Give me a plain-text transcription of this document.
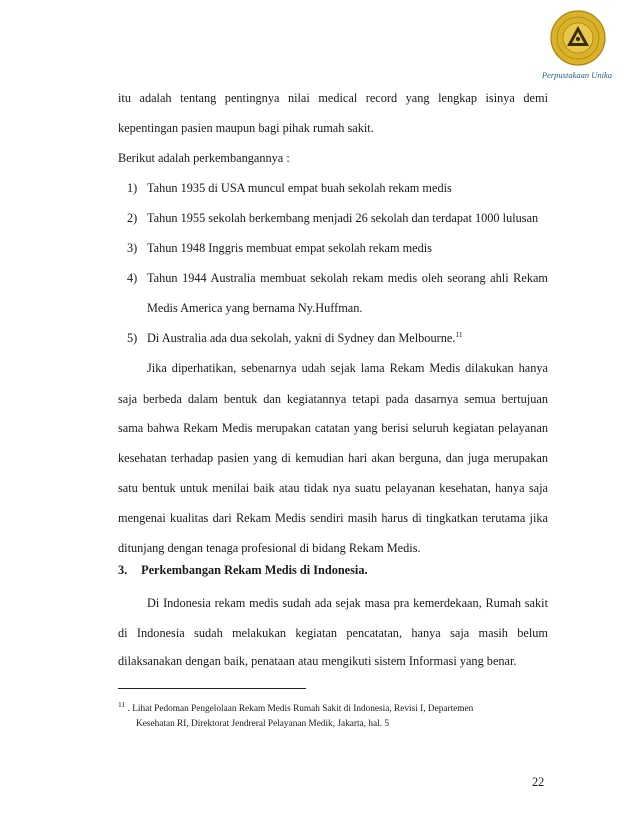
Perpustakaan Unika
itu adalah tentang pentingnya nilai medical record yang lengkap isinya demi
kepentingan pasien maupun bagi pihak rumah sakit.
Berikut adalah perkembangannya :
1) Tahun 1935 di USA muncul empat buah sekolah rekam medis
2) Tahun 1955 sekolah berkembang menjadi 26 sekolah dan terdapat 1000 lulusan
3) Tahun 1948 Inggris membuat empat sekolah rekam medis
4) Tahun 1944 Australia membuat sekolah rekam medis oleh seorang ahli Rekam
Medis America yang bernama Ny.Huffman.
5) Di Australia ada dua sekolah, yakni di Sydney dan Melbourne.$^{11}$
Jika diperhatikan, sebenarnya udah sejak lama Rekam Medis dilakukan hanya
saja berbeda dalam bentuk dan kegiatannya tetapi pada dasarnya semua bertujuan
sama bahwa Rekam Medis merupakan catatan yang berisi seluruh kegiatan pelayanan
kesehatan terhadap pasien yang di kemudian hari akan berguna, dan juga merupakan
satu bentuk untuk menilai baik atau tidak nya suatu pelayanan kesehatan, hanya saja
mengenai kualitas dari Rekam Medis sendiri masih harus di tingkatkan terutama jika
ditunjang dengan tenaga profesional di bidang Rekam Medis.
3. Perkembangan Rekam Medis di Indonesia.
Di Indonesia rekam medis sudah ada sejak masa pra kemerdekaan, Rumah sakit
di Indonesia sudah melakukan kegiatan pencatatan, hanya saja masih belum
dilaksanakan dengan baik, penataan atau mengikuti sistem Informasi yang benar.
$^{11}$ . Lihat Pedoman Pengelolaan Rekam Medis Rumah Sakit di Indonesia, Revisi I, Departemen
Kesehatan RI, Direktorat Jendreral Pelayanan Medik, Jakarta, hal. 5
22
